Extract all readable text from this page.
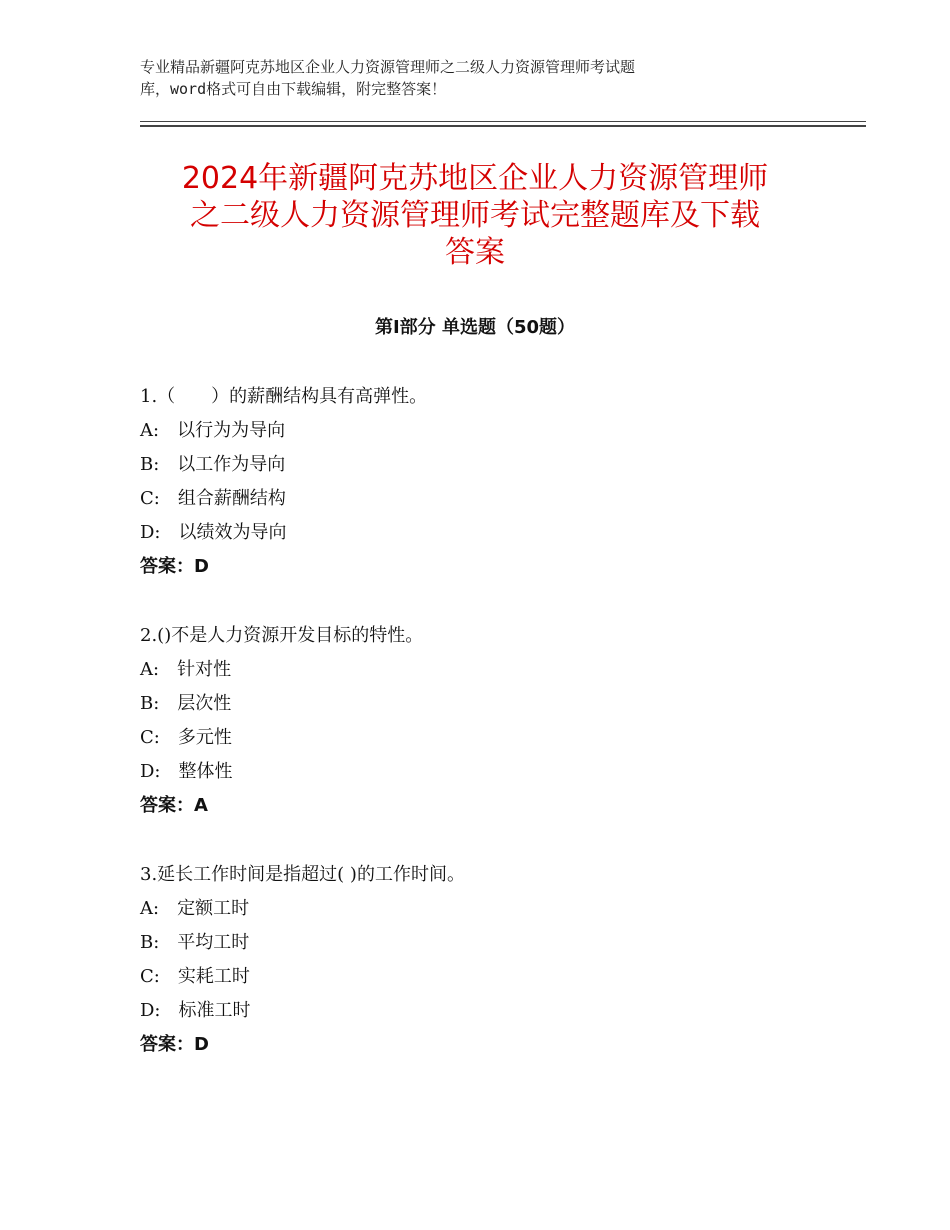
专业精品新疆阿克苏地区企业人力资源管理师之二级人力资源管理师考试题
库，word格式可自由下载编辑，附完整答案！
2024年新疆阿克苏地区企业人力资源管理师
之二级人力资源管理师考试完整题库及下载
答案
第Ⅰ部分 单选题（50题）
1.（　　）的薪酬结构具有高弹性。
A:　以行为为导向
B:　以工作为导向
C:　组合薪酬结构
D:　以绩效为导向
答案：D
2.()不是人力资源开发目标的特性。
A:　针对性
B:　层次性
C:　多元性
D:　整体性
答案：A
3.延长工作时间是指超过( )的工作时间。
A:　定额工时
B:　平均工时
C:　实耗工时
D:　标准工时
答案：D
